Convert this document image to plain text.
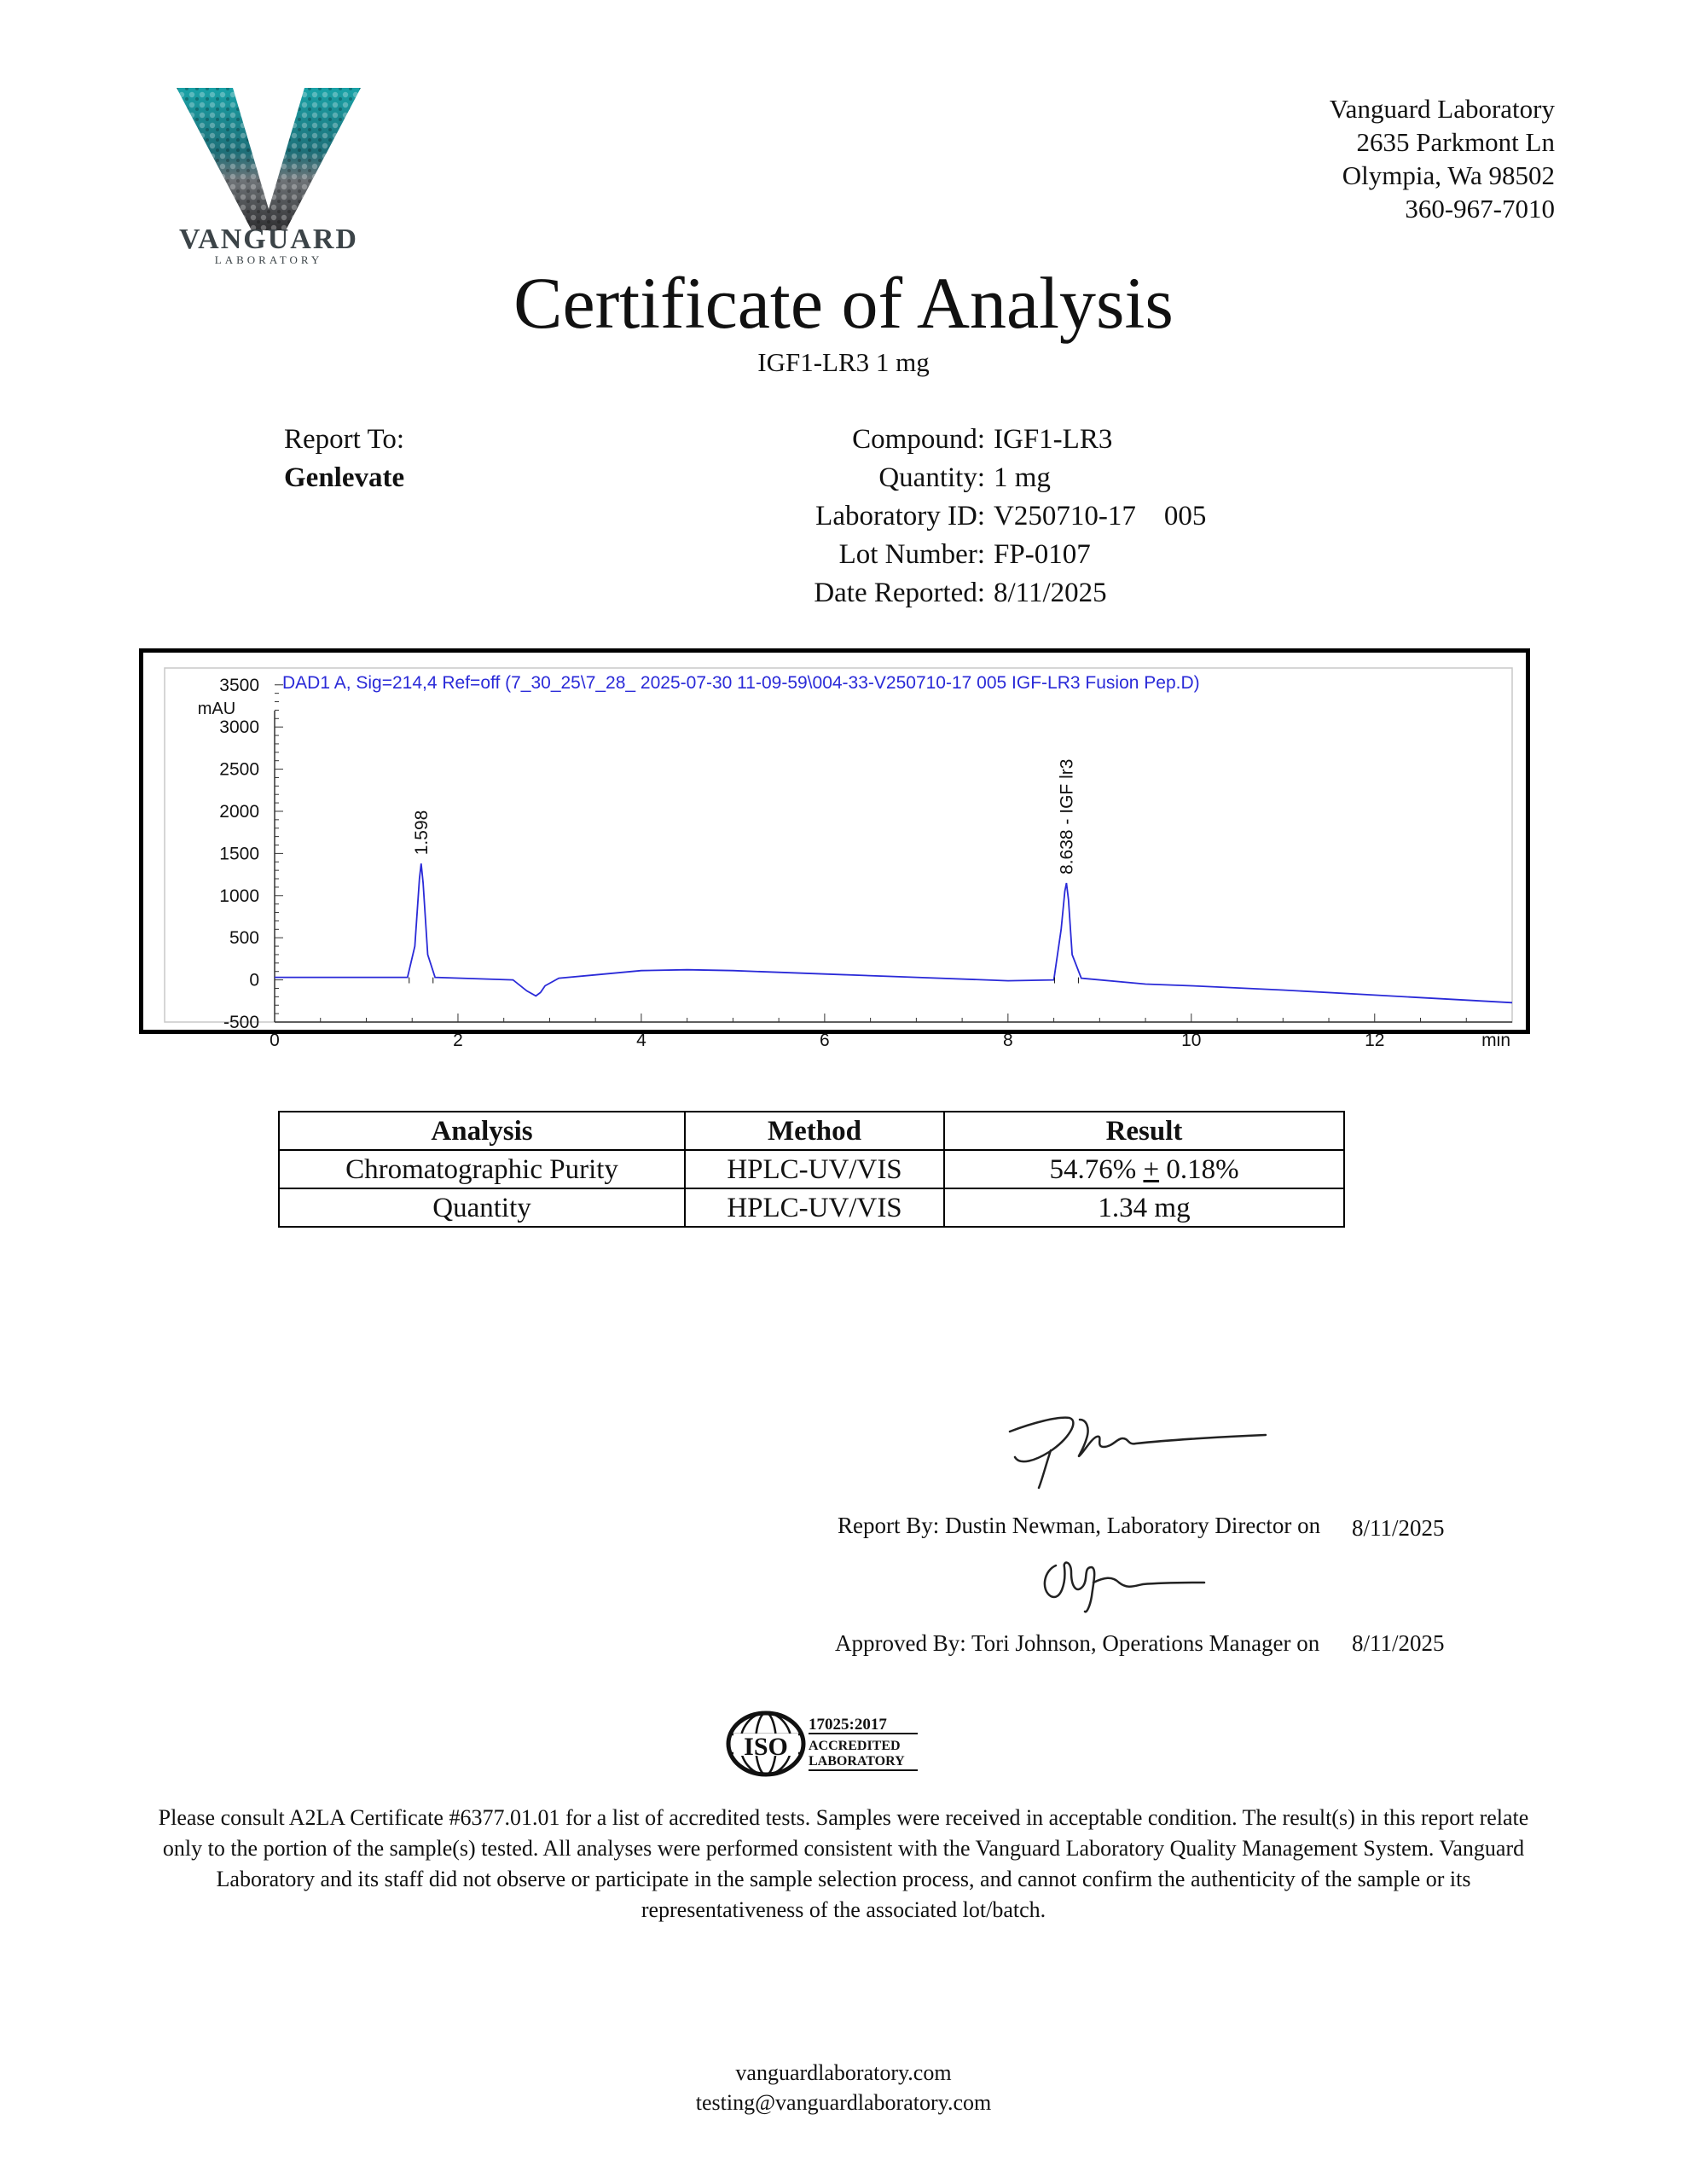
VANGUARD
LABORATORY
Vanguard Laboratory
2635 Parkmont Ln
Olympia, Wa 98502
360-967-7010
Certificate of Analysis
IGF1-LR3 1 mg
Report To:
Genlevate
Compound: IGF1-LR3
Quantity: 1 mg
Laboratory ID: V250710-17    005
Lot Number: FP-0107
Date Reported: 8/11/2025
DAD1 A, Sig=214,4 Ref=off (7_30_25\7_28_ 2025-07-30 11-09-59\004-33-V250710-17 005 IGF-LR3 Fusion Pep.D)
mAU
-500
0
500
1000
1500
2000
2500
3000
3500
0	2	4	6	8	10	12	min
1.598	8.638 - IGF lr3
Analysis	Method	Result
Chromatographic Purity	HPLC-UV/VIS	54.76% + 0.18%
Quantity	HPLC-UV/VIS	1.34 mg
Report By: Dustin Newman, Laboratory Director on 8/11/2025
Approved By: Tori Johnson, Operations Manager on 8/11/2025
ISO
17025:2017
ACCREDITED
LABORATORY
Please consult A2LA Certificate #6377.01.01 for a list of accredited tests. Samples were received in acceptable condition. The result(s) in this report relate only to the portion of the sample(s) tested. All analyses were performed consistent with the Vanguard Laboratory Quality Management System. Vanguard Laboratory and its staff did not observe or participate in the sample selection process, and cannot confirm the authenticity of the sample or its representativeness of the associated lot/batch.
vanguardlaboratory.com
testing@vanguardlaboratory.com
